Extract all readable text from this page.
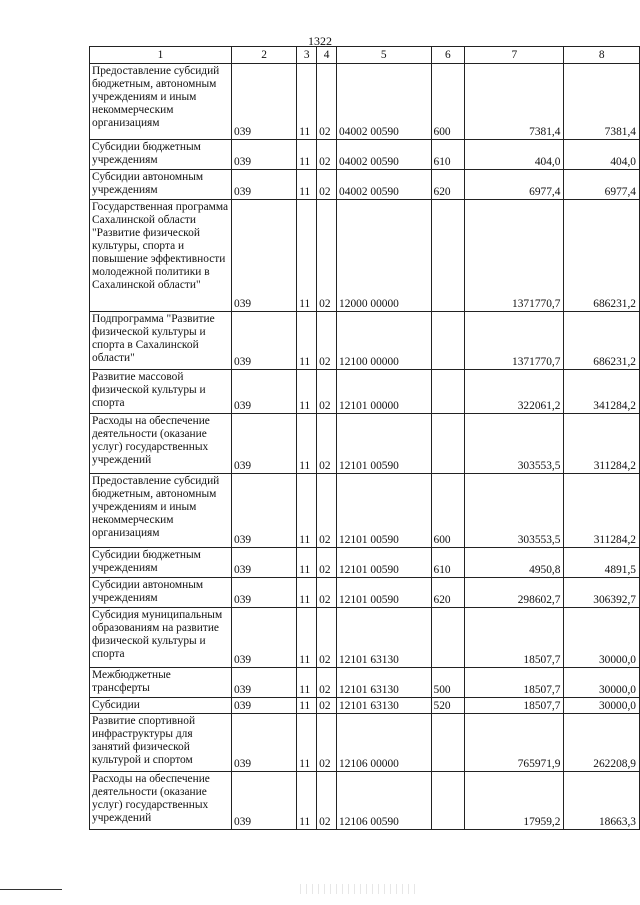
1322
1	2	3	4	5	6	7	8
Предоставление субсидий бюджетным, автономным учреждениям и иным некоммерческим организациям	039	11	02	04002 00590	600	7381,4	7381,4
Субсидии бюджетным учреждениям	039	11	02	04002 00590	610	404,0	404,0
Субсидии автономным учреждениям	039	11	02	04002 00590	620	6977,4	6977,4
Государственная программа Сахалинской области "Развитие физической культуры, спорта и повышение эффективности молодежной политики в Сахалинской области"	039	11	02	12000 00000		1371770,7	686231,2
Подпрограмма "Развитие физической культуры и спорта в Сахалинской области"	039	11	02	12100 00000		1371770,7	686231,2
Развитие массовой физической культуры и спорта	039	11	02	12101 00000		322061,2	341284,2
Расходы на обеспечение деятельности (оказание услуг) государственных учреждений	039	11	02	12101 00590		303553,5	311284,2
Предоставление субсидий бюджетным, автономным учреждениям и иным некоммерческим организациям	039	11	02	12101 00590	600	303553,5	311284,2
Субсидии бюджетным учреждениям	039	11	02	12101 00590	610	4950,8	4891,5
Субсидии автономным учреждениям	039	11	02	12101 00590	620	298602,7	306392,7
Субсидия муниципальным образованиям на развитие физической культуры и спорта	039	11	02	12101 63130		18507,7	30000,0
Межбюджетные трансферты	039	11	02	12101 63130	500	18507,7	30000,0
Субсидии	039	11	02	12101 63130	520	18507,7	30000,0
Развитие спортивной инфраструктуры для занятий физической культурой и спортом	039	11	02	12106 00000		765971,9	262208,9
Расходы на обеспечение деятельности (оказание услуг) государственных учреждений	039	11	02	12106 00590		17959,2	18663,3
